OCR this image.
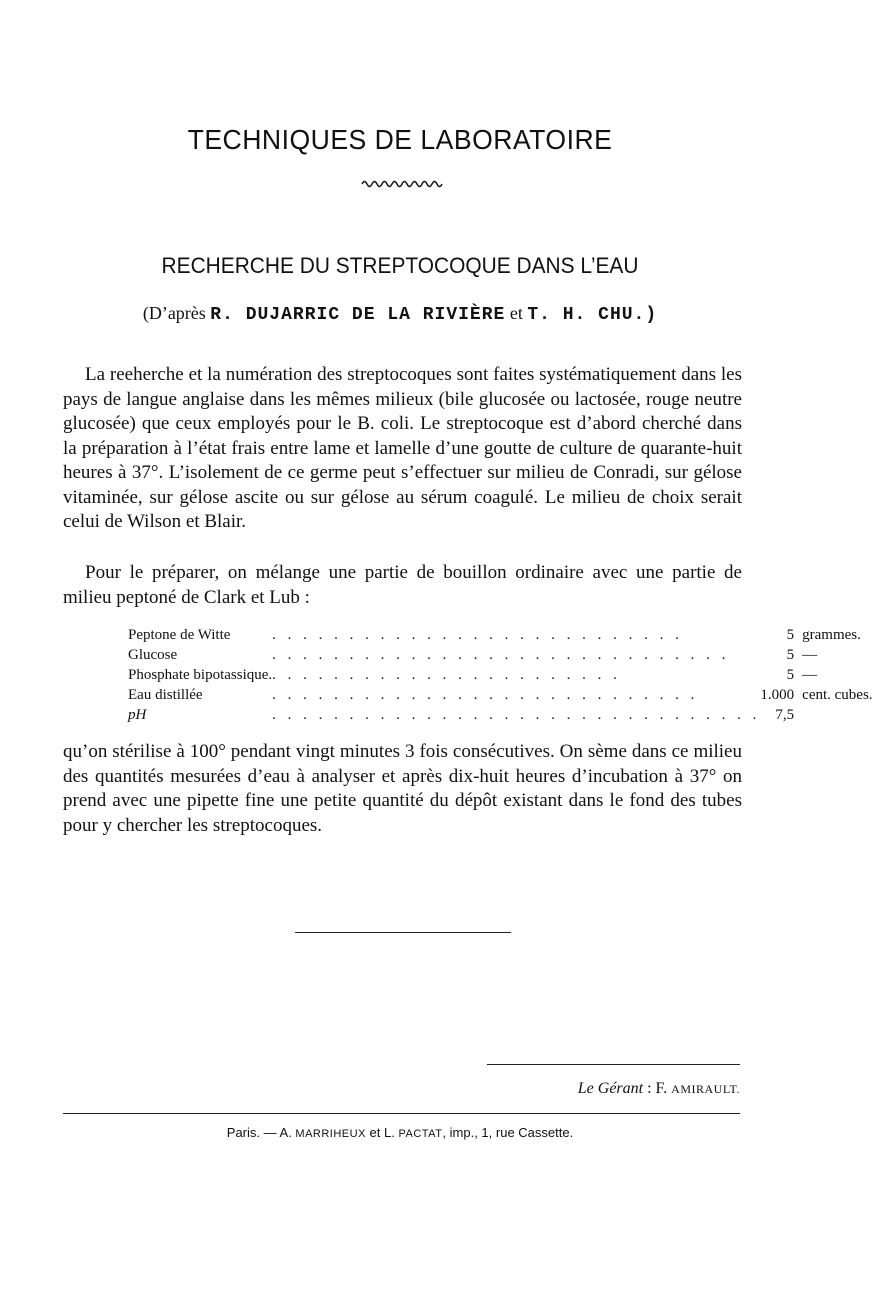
TECHNIQUES DE LABORATOIRE
RECHERCHE DU STREPTOCOQUE DANS L’EAU
(D’après R. DUJARRIC DE LA RIVIÈRE et T. H. CHU.)

La reeherche et la numération des streptocoques sont faites systématiquement dans les pays de langue anglaise dans les mêmes milieux (bile glucosée ou lactosée, rouge neutre glucosée) que ceux employés pour le B. coli. Le streptocoque est d’abord cherché dans la préparation à l’état frais entre lame et lamelle d’une goutte de culture de quarante-huit heures à 37°. L’isolement de ce germe peut s’effectuer sur milieu de Conradi, sur gélose vitaminée, sur gélose ascite ou sur gélose au sérum coagulé. Le milieu de choix serait celui de Wilson et Blair.

Pour le préparer, on mélange une partie de bouillon ordinaire avec une partie de milieu peptoné de Clark et Lub :

Peptone de Witte	. . . . . . . . . . . . . . . . . . . . . . . . . . .	5	grammes.
Glucose	. . . . . . . . . . . . . . . . . . . . . . . . . . . . . .	5	—
Phosphate bipotassique.	. . . . . . . . . . . . . . . . . . . . . . .	5	—
Eau distillée	. . . . . . . . . . . . . . . . . . . . . . . . . . . .	1.000	cent. cubes.
pH	. . . . . . . . . . . . . . . . . . . . . . . . . . . . . . . .	7,5	

qu’on stérilise à 100° pendant vingt minutes 3 fois consécutives. On sème dans ce milieu des quantités mesurées d’eau à analyser et après dix-huit heures d’incubation à 37° on prend avec une pipette fine une petite quantité du dépôt existant dans le fond des tubes pour y chercher les streptocoques.

Le Gérant : F. AMIRAULT.
Paris. — A. MARRIHEUX et L. PACTAT, imp., 1, rue Cassette.
